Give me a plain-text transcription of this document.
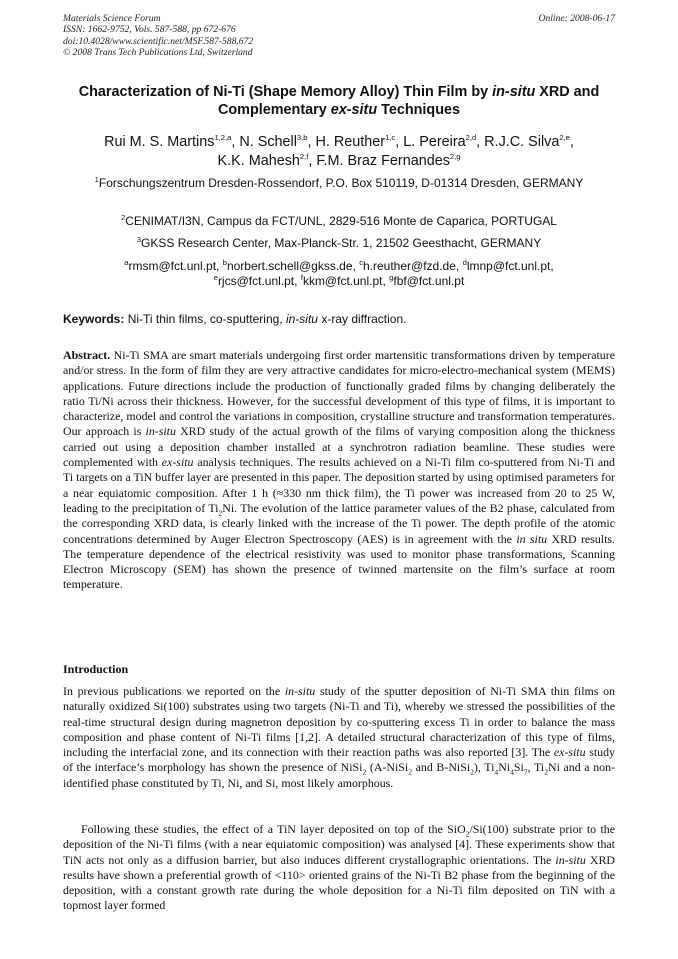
​
Materials Science Forum
ISSN: 1662-9752, Vols. 587-588, pp 672-676
doi:10.4028/www.scientific.net/MSF.587-588.672
© 2008 Trans Tech Publications Ltd, Switzerland
Online: 2008-06-17
Characterization of Ni-Ti (Shape Memory Alloy) Thin Film by in-situ XRD and Complementary ex-situ Techniques
Rui M. S. Martins$^{1,2,a}$, N. Schell$^{3,b}$, H. Reuther$^{1,c}$, L. Pereira$^{2,d}$, R.J.C. Silva$^{2,e}$,
K.K. Mahesh$^{2,f}$, F.M. Braz Fernandes$^{2,g}$
$^1$Forschungszentrum Dresden-Rossendorf, P.O. Box 510119, D-01314 Dresden, GERMANY
$^2$CENIMAT/I3N, Campus da FCT/UNL, 2829-516 Monte de Caparica, PORTUGAL
$^3$GKSS Research Center, Max-Planck-Str. 1, 21502 Geesthacht, GERMANY
$^a$rmsm@fct.unl.pt, $^b$norbert.schell@gkss.de, $^c$h.reuther@fzd.de, $^d$lmnp@fct.unl.pt,
$^e$rjcs@fct.unl.pt, $^f$kkm@fct.unl.pt, $^g$fbf@fct.unl.pt
Keywords: Ni-Ti thin films, co-sputtering, in-situ x-ray diffraction.
Abstract. Ni-Ti SMA are smart materials undergoing first order martensitic transformations driven by temperature and/or stress. In the form of film they are very attractive candidates for micro-electro-mechanical system (MEMS) applications. Future directions include the production of functionally graded films by changing deliberately the ratio Ti/Ni across their thickness. However, for the successful development of this type of films, it is important to characterize, model and control the variations in composition, crystalline structure and transformation temperatures. Our approach is in-situ XRD study of the actual growth of the films of varying composition along the thickness carried out using a deposition chamber installed at a synchrotron radiation beamline. These studies were complemented with ex-situ analysis techniques. The results achieved on a Ni-Ti film co-sputtered from Ni-Ti and Ti targets on a TiN buffer layer are presented in this paper. The deposition started by using optimised parameters for a near equiatomic composition. After 1 h (≈330 nm thick film), the Ti power was increased from 20 to 25 W, leading to the precipitation of $Ti_2Ni$. The evolution of the lattice parameter values of the B2 phase, calculated from the corresponding XRD data, is clearly linked with the increase of the Ti power. The depth profile of the atomic concentrations determined by Auger Electron Spectroscopy (AES) is in agreement with the in situ XRD results. The temperature dependence of the electrical resistivity was used to monitor phase transformations, Scanning Electron Microscopy (SEM) has shown the presence of twinned martensite on the film’s surface at room temperature.
Introduction
In previous publications we reported on the in-situ study of the sputter deposition of Ni-Ti SMA thin films on naturally oxidized Si(100) substrates using two targets (Ni-Ti and Ti), whereby we stressed the possibilities of the real-time structural design during magnetron deposition by co-sputtering excess Ti in order to balance the mass composition and phase content of Ni-Ti films [1,2]. A detailed structural characterization of this type of films, including the interfacial zone, and its connection with their reaction paths was also reported [3]. The ex-situ study of the interface’s morphology has shown the presence of NiSi$_2$ (A-NiSi$_2$ and B-NiSi$_2$), $Ti_4Ni_4Si_7$, $Ti_2Ni$ and a non-identified phase constituted by Ti, Ni, and Si, most likely amorphous.
Following these studies, the effect of a TiN layer deposited on top of the SiO$_2$/Si(100) substrate prior to the deposition of the Ni-Ti films (with a near equiatomic composition) was analysed [4]. These experiments show that TiN acts not only as a diffusion barrier, but also induces different crystallographic orientations. The in-situ XRD results have shown a preferential growth of <110> oriented grains of the Ni-Ti B2 phase from the beginning of the deposition, with a constant growth rate during the whole deposition for a Ni-Ti film deposited on TiN with a topmost layer formed
